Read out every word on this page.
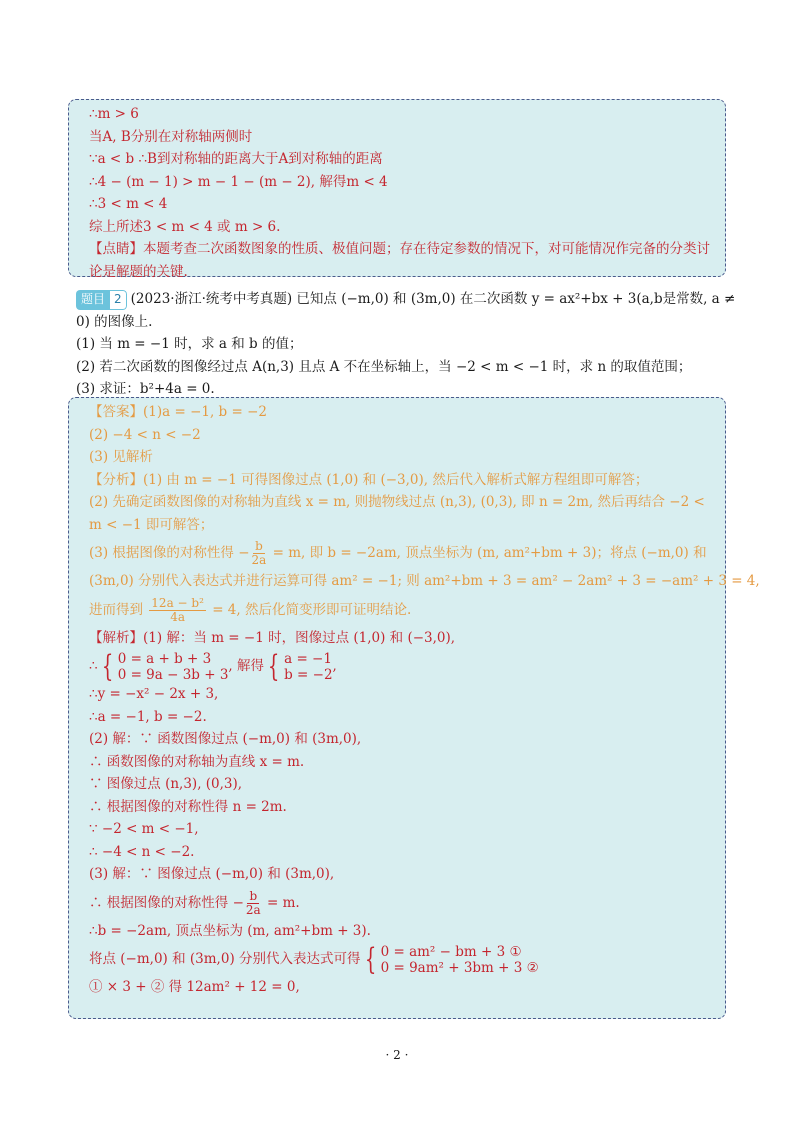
∴m > 6
当A, B分别在对称轴两侧时
∵a < b ∴B到对称轴的距离大于A到对称轴的距离
∴4 − (m − 1) > m − 1 − (m − 2), 解得m < 4
∴3 < m < 4
综上所述3 < m < 4 或 m > 6.
【点睛】本题考查二次函数图象的性质、极值问题；存在待定参数的情况下，对可能情况作完备的分类讨论是解题的关键.
题目 2 (2023·浙江·统考中考真题) 已知点 (−m,0) 和 (3m,0) 在二次函数 y = ax²+bx + 3(a,b是常数, a ≠ 0) 的图像上.
(1) 当 m = −1 时，求 a 和 b 的值；
(2) 若二次函数的图像经过点 A(n,3) 且点 A 不在坐标轴上，当 −2 < m < −1 时，求 n 的取值范围；
(3) 求证：b²+4a = 0.
【答案】(1)a = −1, b = −2
(2) −4 < n < −2
(3) 见解析
【分析】(1) 由 m = −1 可得图像过点 (1,0) 和 (−3,0), 然后代入解析式解方程组即可解答；
(2) 先确定函数图像的对称轴为直线 x = m, 则抛物线过点 (n,3), (0,3), 即 n = 2m, 然后再结合 −2 < m < −1 即可解答；
(3) 根据图像的对称性得 − $\frac{b}{2a} = m$, 即 b = −2am, 顶点坐标为 (m, am²+bm + 3)；将点 (−m,0) 和
(3m,0) 分别代入表达式并进行运算可得 am² = −1; 则 am²+bm + 3 = am² − 2am² + 3 = −am² + 3 = 4,
进而得到 $\frac{\text{12a − b²}}{4a} = 4$, 然后化简变形即可证明结论.
【解析】(1) 解：当 m = −1 时，图像过点 (1,0) 和 (−3,0),
∴ { 0 = a + b + 3
0 = 9a − 3b + 3
, 解得 { a = −1
b = −2
,
∴y = −x² − 2x + 3,
∴a = −1, b = −2.
(2) 解：∵ 函数图像过点 (−m,0) 和 (3m,0),
∴ 函数图像的对称轴为直线 x = m.
∵ 图像过点 (n,3), (0,3),
∴ 根据图像的对称性得 n = 2m.
∵ −2 < m < −1,
∴ −4 < n < −2.
(3) 解：∵ 图像过点 (−m,0) 和 (3m,0),
∴ 根据图像的对称性得 − $\frac{b}{2a} = m$.
∴b = −2am, 顶点坐标为 (m, am²+bm + 3).
将点 (−m,0) 和 (3m,0) 分别代入表达式可得 { 0 = am² − bm + 3 ①
0 = 9am² + 3bm + 3 ②
① × 3 + ② 得 12am² + 12 = 0,
· 2 ·
